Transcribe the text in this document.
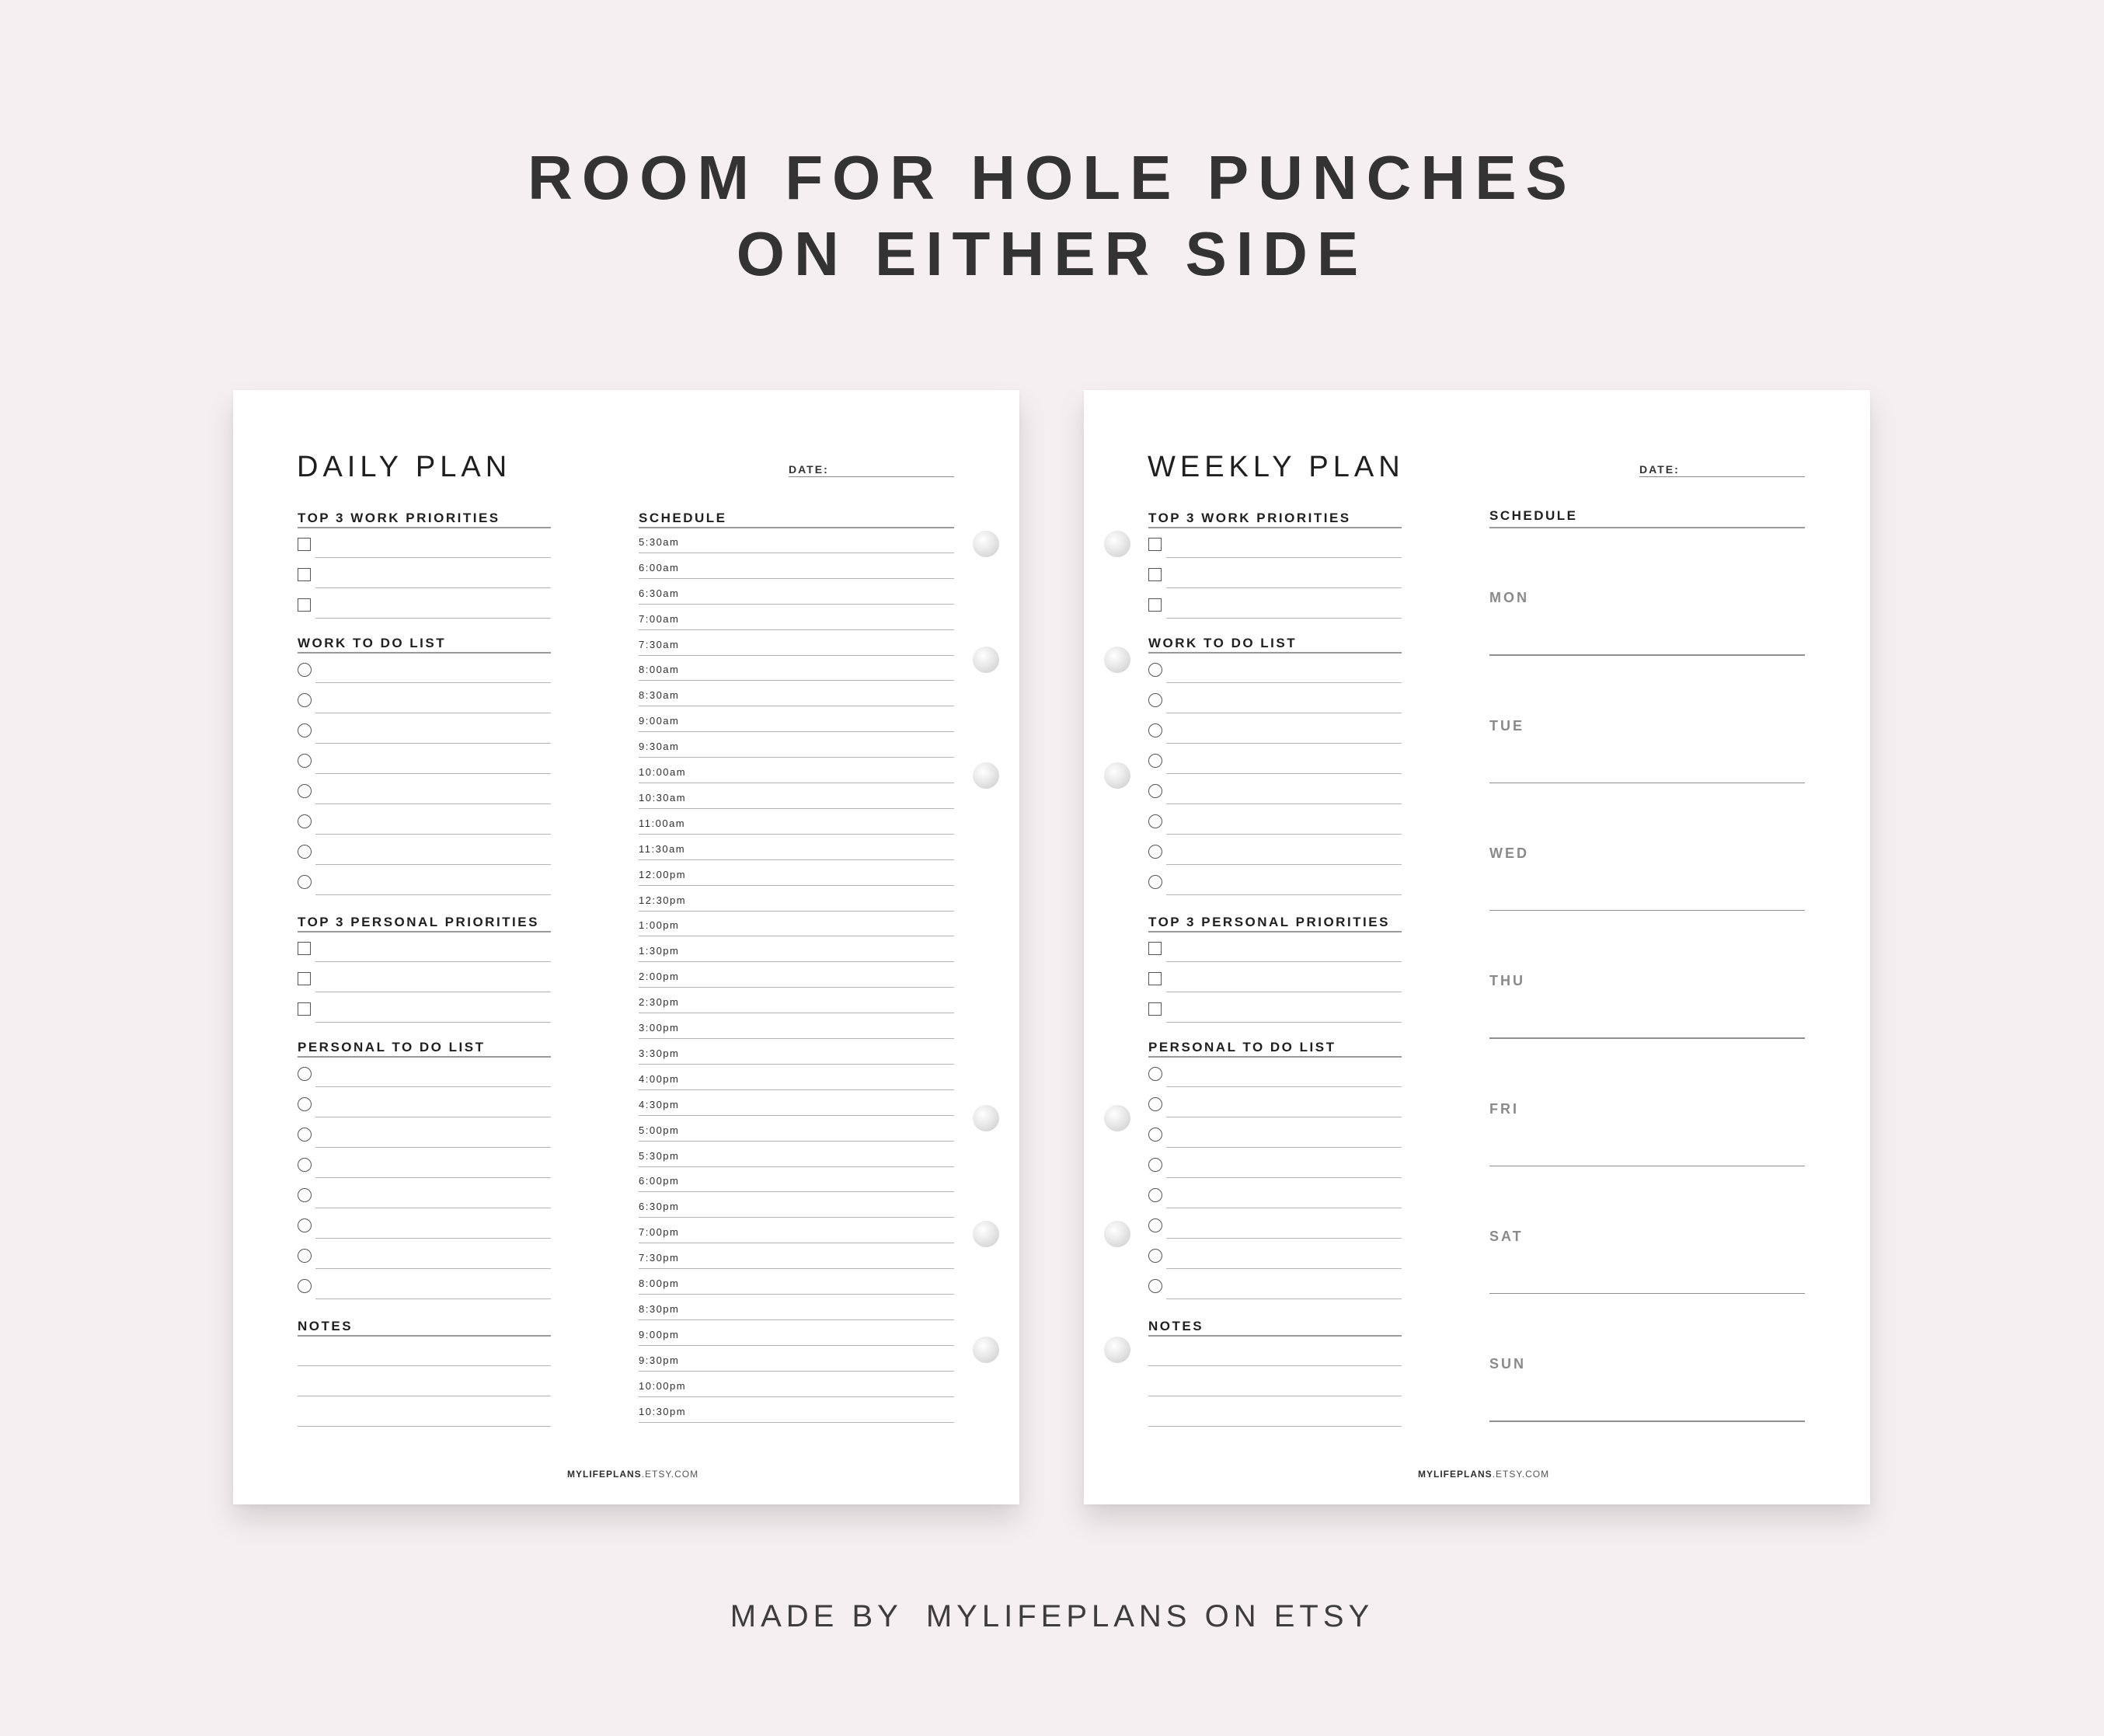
ROOM FOR HOLE PUNCHES
ON EITHER SIDE
DAILY PLAN	DATE:
MYLIFEPLANS.ETSY.COM
TOP 3 WORK PRIORITIES
WORK TO DO LIST
TOP 3 PERSONAL PRIORITIES
PERSONAL TO DO LIST
NOTES
SCHEDULE
5:30am
6:00am
6:30am
7:00am
7:30am
8:00am
8:30am
9:00am
9:30am
10:00am
10:30am
11:00am
11:30am
12:00pm
12:30pm
1:00pm
1:30pm
2:00pm
2:30pm
3:00pm
3:30pm
4:00pm
4:30pm
5:00pm
5:30pm
6:00pm
6:30pm
7:00pm
7:30pm
8:00pm
8:30pm
9:00pm
9:30pm
10:00pm
10:30pm
WEEKLY PLAN	DATE:
MYLIFEPLANS.ETSY.COM
TOP 3 WORK PRIORITIES
WORK TO DO LIST
TOP 3 PERSONAL PRIORITIES
PERSONAL TO DO LIST
NOTES
SCHEDULE
MON
TUE
WED
THU
FRI
SAT
SUN
MADE BY MYLIFEPLANS ON ETSY
